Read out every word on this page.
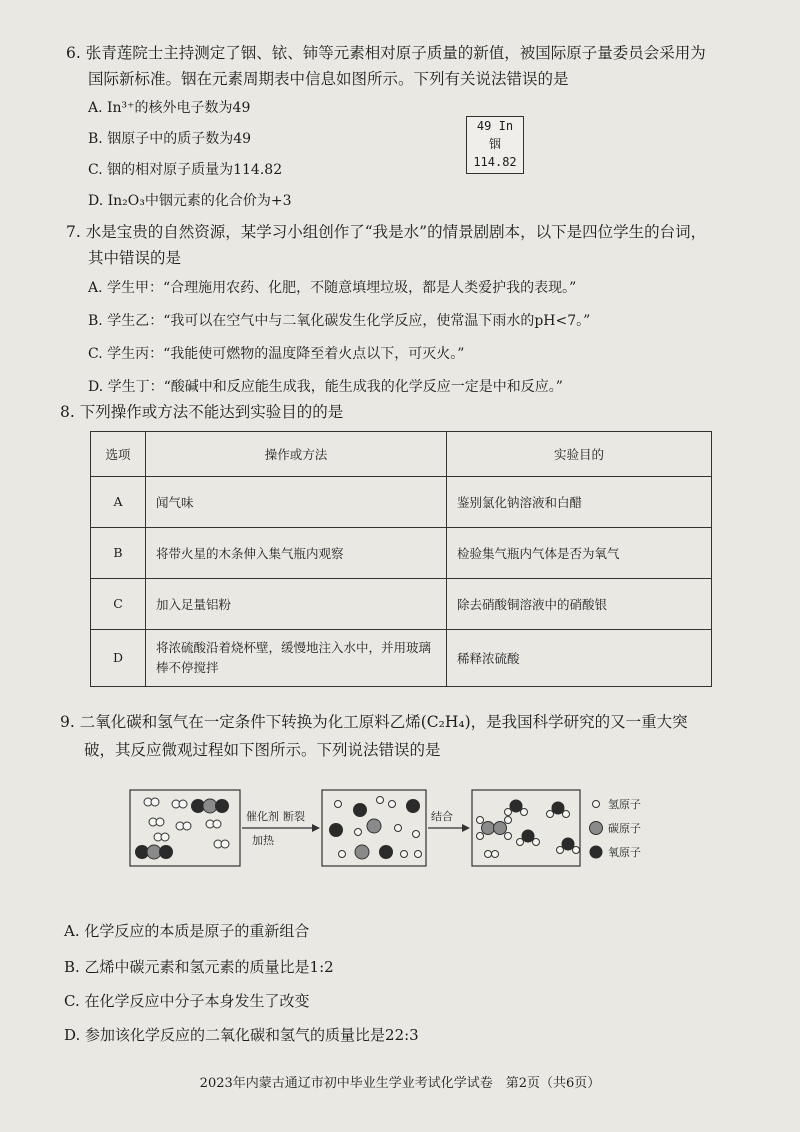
6. 张青莲院士主持测定了铟、铱、铈等元素相对原子质量的新值，被国际原子量委员会采用为
国际新标准。铟在元素周期表中信息如图所示。下列有关说法错误的是
A. In³⁺的核外电子数为49
B. 铟原子中的质子数为49
C. 铟的相对原子质量为114.82
D. In₂O₃中铟元素的化合价为+3
49 In
铟
114.82
7. 水是宝贵的自然资源，某学习小组创作了“我是水”的情景剧剧本，以下是四位学生的台词，
其中错误的是
A. 学生甲：“合理施用农药、化肥，不随意填埋垃圾，都是人类爱护我的表现。”
B. 学生乙：“我可以在空气中与二氧化碳发生化学反应，使常温下雨水的pH<7。”
C. 学生丙：“我能使可燃物的温度降至着火点以下，可灭火。”
D. 学生丁：“酸碱中和反应能生成我，能生成我的化学反应一定是中和反应。”
8. 下列操作或方法不能达到实验目的的是
选项	操作或方法	实验目的
A	闻气味	鉴别氯化钠溶液和白醋
B	将带火星的木条伸入集气瓶内观察	检验集气瓶内气体是否为氧气
C	加入足量铝粉	除去硝酸铜溶液中的硝酸银
D	将浓硫酸沿着烧杯壁，缓慢地注入水中，并用玻璃棒不停搅拌	稀释浓硫酸
9. 二氧化碳和氢气在一定条件下转换为化工原料乙烯(C₂H₄)，是我国科学研究的又一重大突
破，其反应微观过程如下图所示。下列说法错误的是
催化剂 断裂
加热
结合
氢原子
碳原子
氧原子
A. 化学反应的本质是原子的重新组合
B. 乙烯中碳元素和氢元素的质量比是1:2
C. 在化学反应中分子本身发生了改变
D. 参加该化学反应的二氧化碳和氢气的质量比是22:3
2023年内蒙古通辽市初中毕业生学业考试化学试卷　第2页（共6页）
